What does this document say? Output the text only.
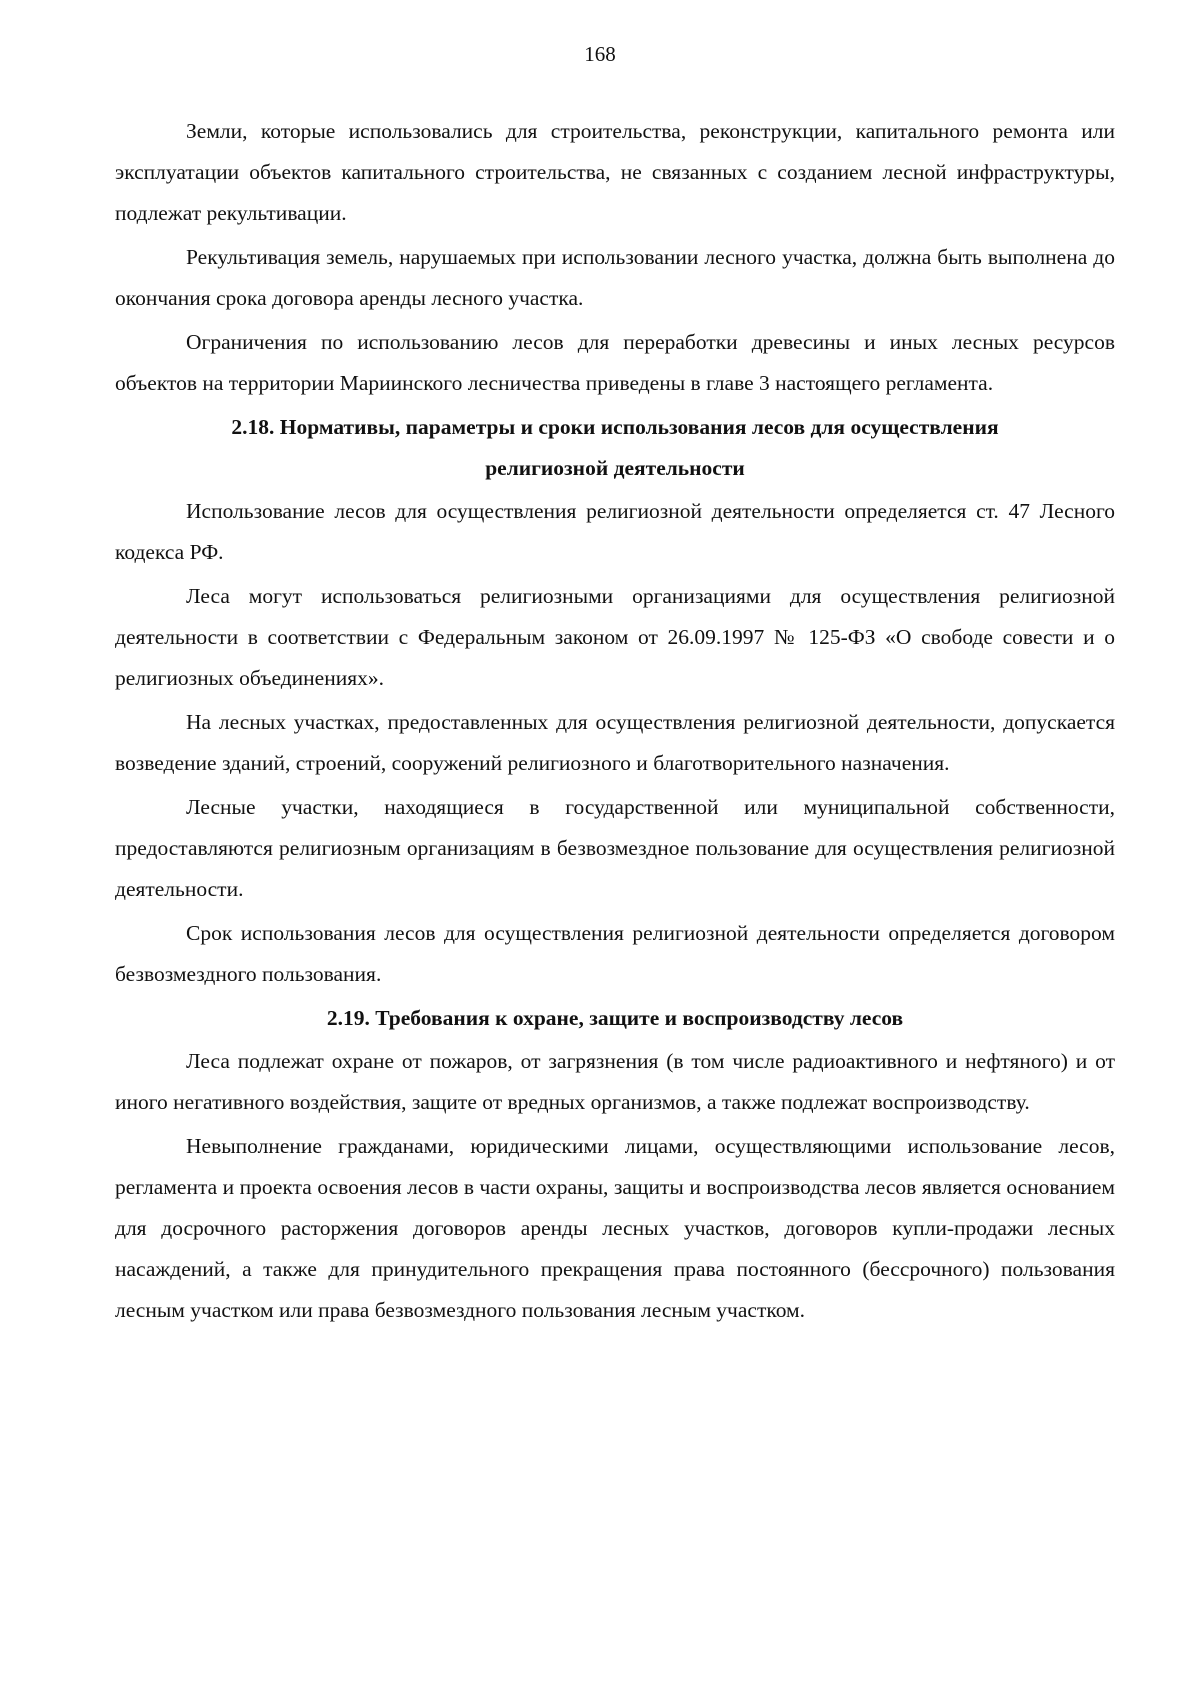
168

Земли, которые использовались для строительства, реконструкции, капитального ремонта или эксплуатации объектов капитального строительства, не связанных с созданием лесной инфраструктуры, подлежат рекультивации.

Рекультивация земель, нарушаемых при использовании лесного участка, должна быть выполнена до окончания срока договора аренды лесного участка.

Ограничения по использованию лесов для переработки древесины и иных лесных ресурсов объектов на территории Мариинского лесничества приведены в главе 3 настоящего регламента.

2.18. Нормативы, параметры и сроки использования лесов для осуществления
религиозной деятельности

Использование лесов для осуществления религиозной деятельности определяется ст. 47 Лесного кодекса РФ.

Леса могут использоваться религиозными организациями для осуществления религиозной деятельности в соответствии с Федеральным законом от 26.09.1997 № 125-ФЗ «О свободе совести и о религиозных объединениях».

На лесных участках, предоставленных для осуществления религиозной деятельности, допускается возведение зданий, строений, сооружений религиозного и благотворительного назначения.

Лесные участки, находящиеся в государственной или муниципальной собственности, предоставляются религиозным организациям в безвозмездное пользование для осуществления религиозной деятельности.

Срок использования лесов для осуществления религиозной деятельности определяется договором безвозмездного пользования.

2.19. Требования к охране, защите и воспроизводству лесов

Леса подлежат охране от пожаров, от загрязнения (в том числе радиоактивного и нефтяного) и от иного негативного воздействия, защите от вредных организмов, а также подлежат воспроизводству.

Невыполнение гражданами, юридическими лицами, осуществляющими использование лесов, регламента и проекта освоения лесов в части охраны, защиты и воспроизводства лесов является основанием для досрочного расторжения договоров аренды лесных участков, договоров купли-продажи лесных насаждений, а также для принудительного прекращения права постоянного (бессрочного) пользования лесным участком или права безвозмездного пользования лесным участком.
